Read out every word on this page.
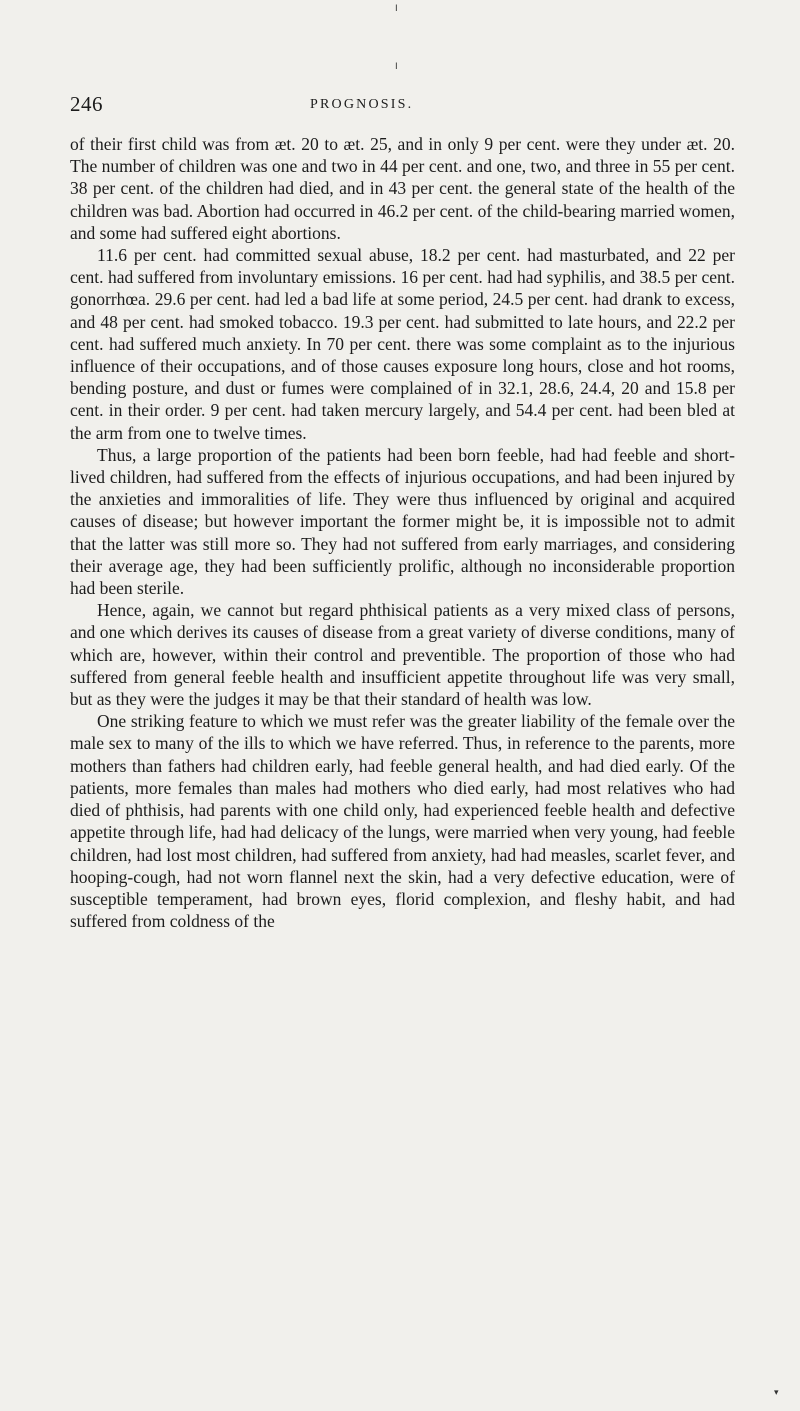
I
I
246	PROGNOSIS.

of their first child was from æt. 20 to æt. 25, and in only 9 per cent. were they under æt. 20. The number of children was one and two in 44 per cent. and one, two, and three in 55 per cent. 38 per cent. of the children had died, and in 43 per cent. the general state of the health of the children was bad. Abortion had occurred in 46.2 per cent. of the child-bearing married women, and some had suffered eight abortions.

11.6 per cent. had committed sexual abuse, 18.2 per cent. had masturbated, and 22 per cent. had suffered from involuntary emissions. 16 per cent. had had syphilis, and 38.5 per cent. gonorrhœa. 29.6 per cent. had led a bad life at some period, 24.5 per cent. had drank to excess, and 48 per cent. had smoked tobacco. 19.3 per cent. had submitted to late hours, and 22.2 per cent. had suffered much anxiety. In 70 per cent. there was some complaint as to the injurious influence of their occupations, and of those causes exposure long hours, close and hot rooms, bending posture, and dust or fumes were complained of in 32.1, 28.6, 24.4, 20 and 15.8 per cent. in their order. 9 per cent. had taken mercury largely, and 54.4 per cent. had been bled at the arm from one to twelve times.

Thus, a large proportion of the patients had been born feeble, had had feeble and short-lived children, had suffered from the effects of injurious occupations, and had been injured by the anxieties and immoralities of life. They were thus influenced by original and acquired causes of disease; but however important the former might be, it is impossible not to admit that the latter was still more so. They had not suffered from early marriages, and considering their average age, they had been sufficiently prolific, although no inconsiderable proportion had been sterile.

Hence, again, we cannot but regard phthisical patients as a very mixed class of persons, and one which derives its causes of disease from a great variety of diverse conditions, many of which are, however, within their control and preventible. The proportion of those who had suffered from general feeble health and insufficient appetite throughout life was very small, but as they were the judges it may be that their standard of health was low.

One striking feature to which we must refer was the greater liability of the female over the male sex to many of the ills to which we have referred. Thus, in reference to the parents, more mothers than fathers had children early, had feeble general health, and had died early. Of the patients, more females than males had mothers who died early, had most relatives who had died of phthisis, had parents with one child only, had experienced feeble health and defective appetite through life, had had delicacy of the lungs, were married when very young, had feeble children, had lost most children, had suffered from anxiety, had had measles, scarlet fever, and hooping-cough, had not worn flannel next the skin, had a very defective education, were of susceptible temperament, had brown eyes, florid complexion, and fleshy habit, and had suffered from coldness of the

▾
